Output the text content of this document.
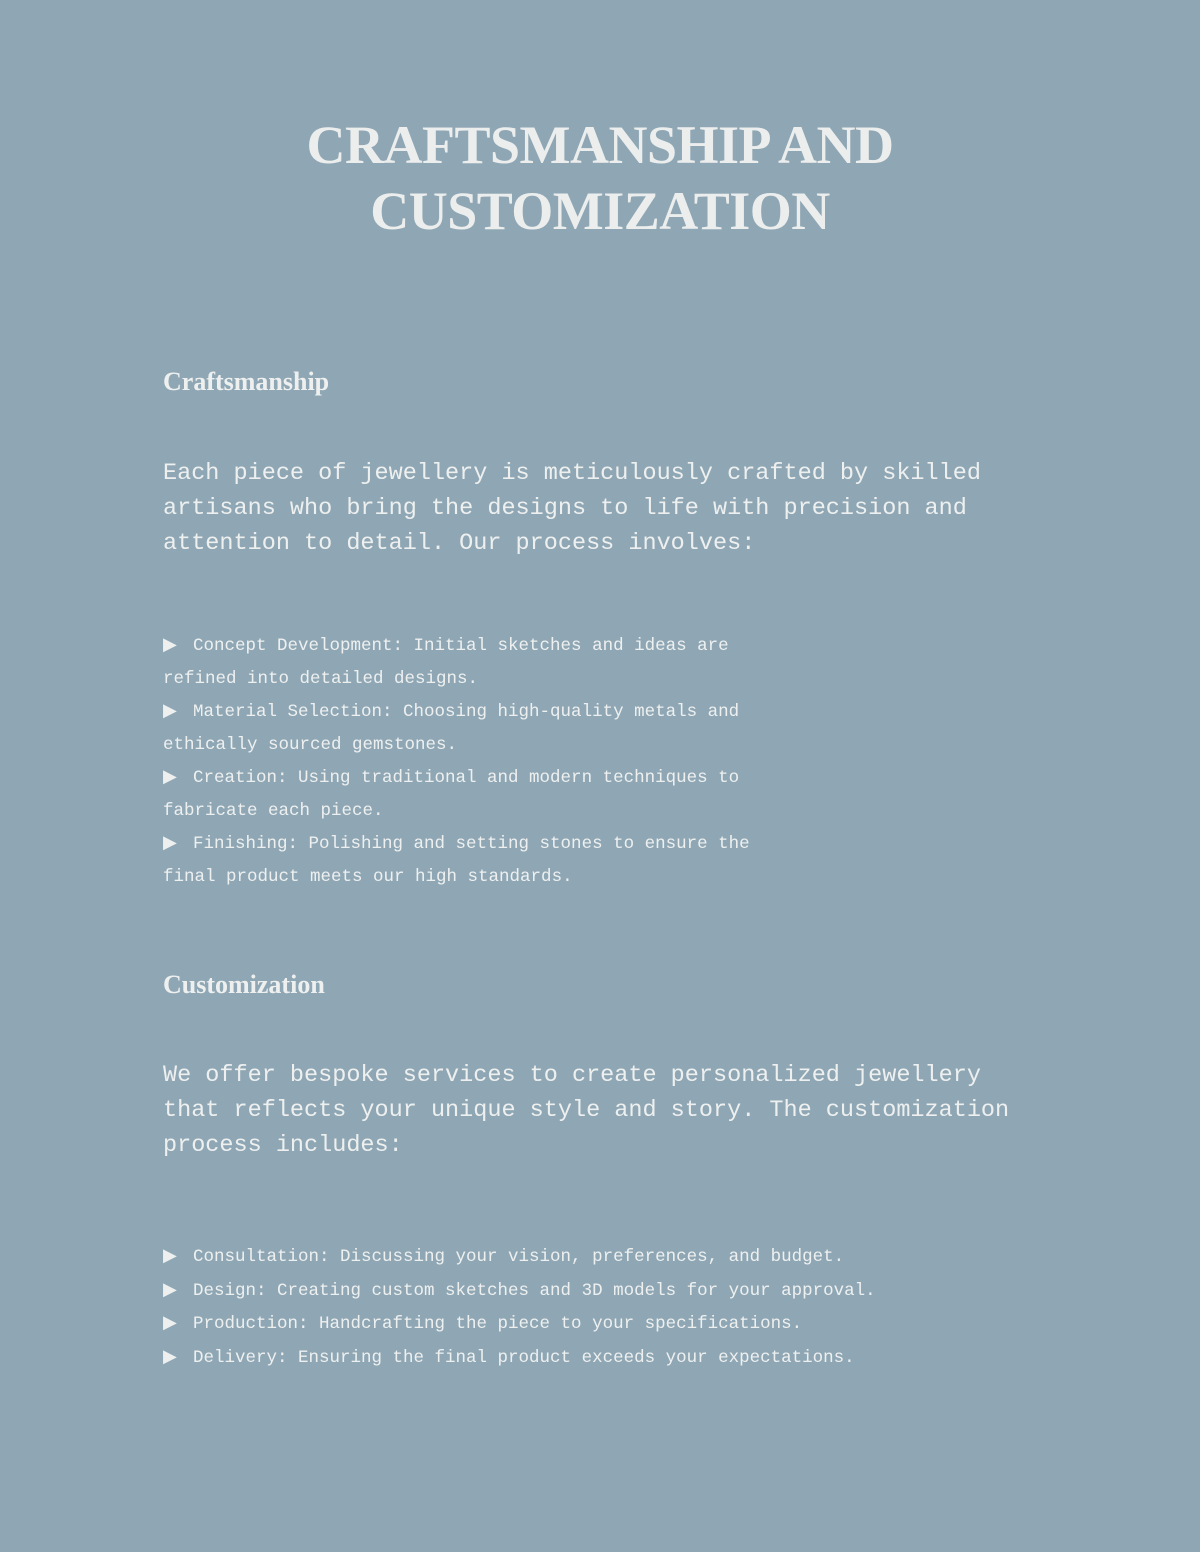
CRAFTSMANSHIP AND CUSTOMIZATION
Craftsmanship

Each piece of jewellery is meticulously crafted by skilled artisans who bring the designs to life with precision and attention to detail. Our process involves:

▶ Concept Development: Initial sketches and ideas are refined into detailed designs.
▶ Material Selection: Choosing high-quality metals and ethically sourced gemstones.
▶ Creation: Using traditional and modern techniques to fabricate each piece.
▶ Finishing: Polishing and setting stones to ensure the final product meets our high standards.
Customization

We offer bespoke services to create personalized jewellery that reflects your unique style and story. The customization process includes:

▶ Consultation: Discussing your vision, preferences, and budget.
▶ Design: Creating custom sketches and 3D models for your approval.
▶ Production: Handcrafting the piece to your specifications.
▶ Delivery: Ensuring the final product exceeds your expectations.
